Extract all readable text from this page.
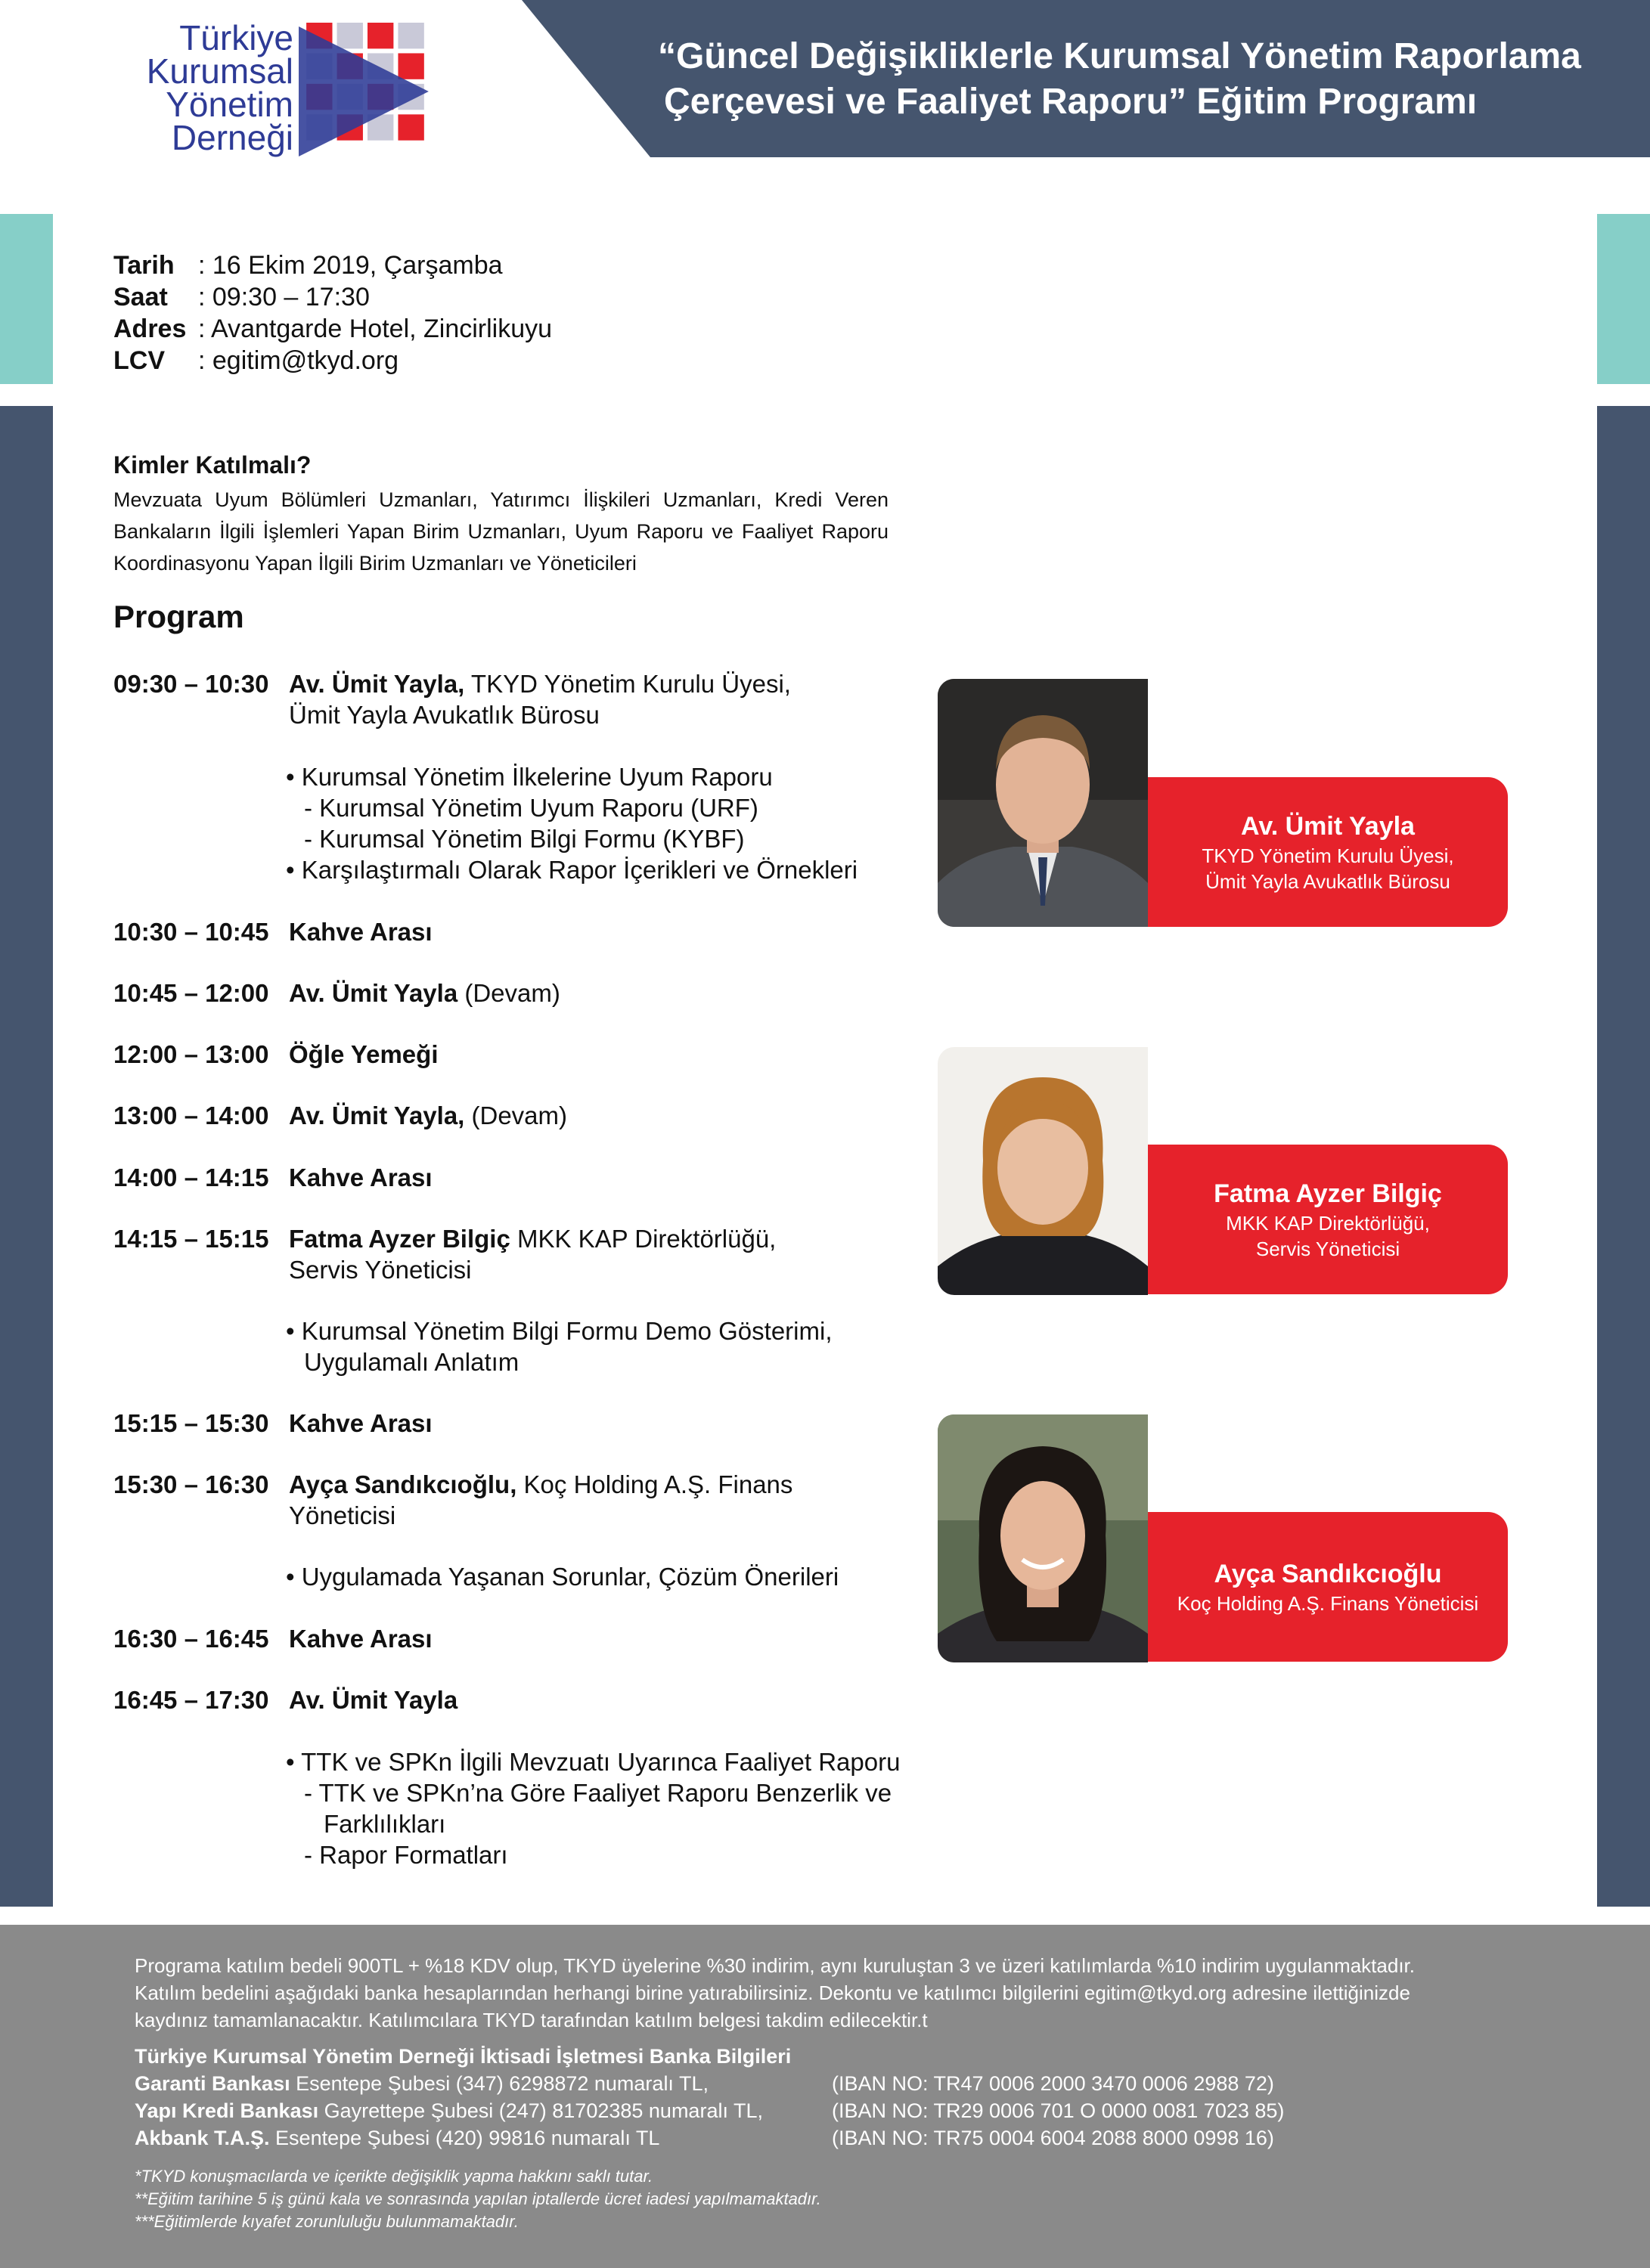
“Güncel Değişikliklerle Kurumsal Yönetim Raporlama
Çerçevesi ve Faaliyet Raporu” Eğitim Programı
Türkiye
Kurumsal
Yönetim
Derneği
Tarih : 16 Ekim 2019, Çarşamba
Saat : 09:30 – 17:30
Adres : Avantgarde Hotel, Zincirlikuyu
LCV : egitim@tkyd.org
Kimler Katılmalı?
Mevzuata Uyum Bölümleri Uzmanları, Yatırımcı İlişkileri Uzmanları, Kredi Veren Bankaların İlgili İşlemleri Yapan Birim Uzmanları, Uyum Raporu ve Faaliyet Raporu Koordinasyonu Yapan İlgili Birim Uzmanları ve Yöneticileri
Program
09:30 – 10:30 Av. Ümit Yayla, TKYD Yönetim Kurulu Üyesi,
Ümit Yayla Avukatlık Bürosu
• Kurumsal Yönetim İlkelerine Uyum Raporu
- Kurumsal Yönetim Uyum Raporu (URF)
- Kurumsal Yönetim Bilgi Formu (KYBF)
• Karşılaştırmalı Olarak Rapor İçerikleri ve Örnekleri
10:30 – 10:45 Kahve Arası
10:45 – 12:00 Av. Ümit Yayla (Devam)
12:00 – 13:00 Öğle Yemeği
13:00 – 14:00 Av. Ümit Yayla, (Devam)
14:00 – 14:15 Kahve Arası
14:15 – 15:15 Fatma Ayzer Bilgiç MKK KAP Direktörlüğü,
Servis Yöneticisi
• Kurumsal Yönetim Bilgi Formu Demo Gösterimi,
Uygulamalı Anlatım
15:15 – 15:30 Kahve Arası
15:30 – 16:30 Ayça Sandıkcıoğlu, Koç Holding A.Ş. Finans
Yöneticisi
• Uygulamada Yaşanan Sorunlar, Çözüm Önerileri
16:30 – 16:45 Kahve Arası
16:45 – 17:30 Av. Ümit Yayla
• TTK ve SPKn İlgili Mevzuatı Uyarınca Faaliyet Raporu
- TTK ve SPKn’na Göre Faaliyet Raporu Benzerlik ve
Farklılıkları
- Rapor Formatları
Av. Ümit Yayla
TKYD Yönetim Kurulu Üyesi,
Ümit Yayla Avukatlık Bürosu
Fatma Ayzer Bilgiç
MKK KAP Direktörlüğü,
Servis Yöneticisi
Ayça Sandıkcıoğlu
Koç Holding A.Ş. Finans Yöneticisi
Programa katılım bedeli 900TL + %18 KDV olup, TKYD üyelerine %30 indirim, aynı kuruluştan 3 ve üzeri katılımlarda %10 indirim uygulanmaktadır.
Katılım bedelini aşağıdaki banka hesaplarından herhangi birine yatırabilirsiniz. Dekontu ve katılımcı bilgilerini egitim@tkyd.org adresine ilettiğinizde
kaydınız tamamlanacaktır. Katılımcılara TKYD tarafından katılım belgesi takdim edilecektir.t
Türkiye Kurumsal Yönetim Derneği İktisadi İşletmesi Banka Bilgileri
Garanti Bankası Esentepe Şubesi (347) 6298872 numaralı TL,	(IBAN NO: TR47 0006 2000 3470 0006 2988 72)
Yapı Kredi Bankası Gayrettepe Şubesi (247) 81702385 numaralı TL,	(IBAN NO: TR29 0006 701 O 0000 0081 7023 85)
Akbank T.A.Ş. Esentepe Şubesi (420) 99816 numaralı TL	(IBAN NO: TR75 0004 6004 2088 8000 0998 16)
*TKYD konuşmacılarda ve içerikte değişiklik yapma hakkını saklı tutar.
**Eğitim tarihine 5 iş günü kala ve sonrasında yapılan iptallerde ücret iadesi yapılmamaktadır.
***Eğitimlerde kıyafet zorunluluğu bulunmamaktadır.
